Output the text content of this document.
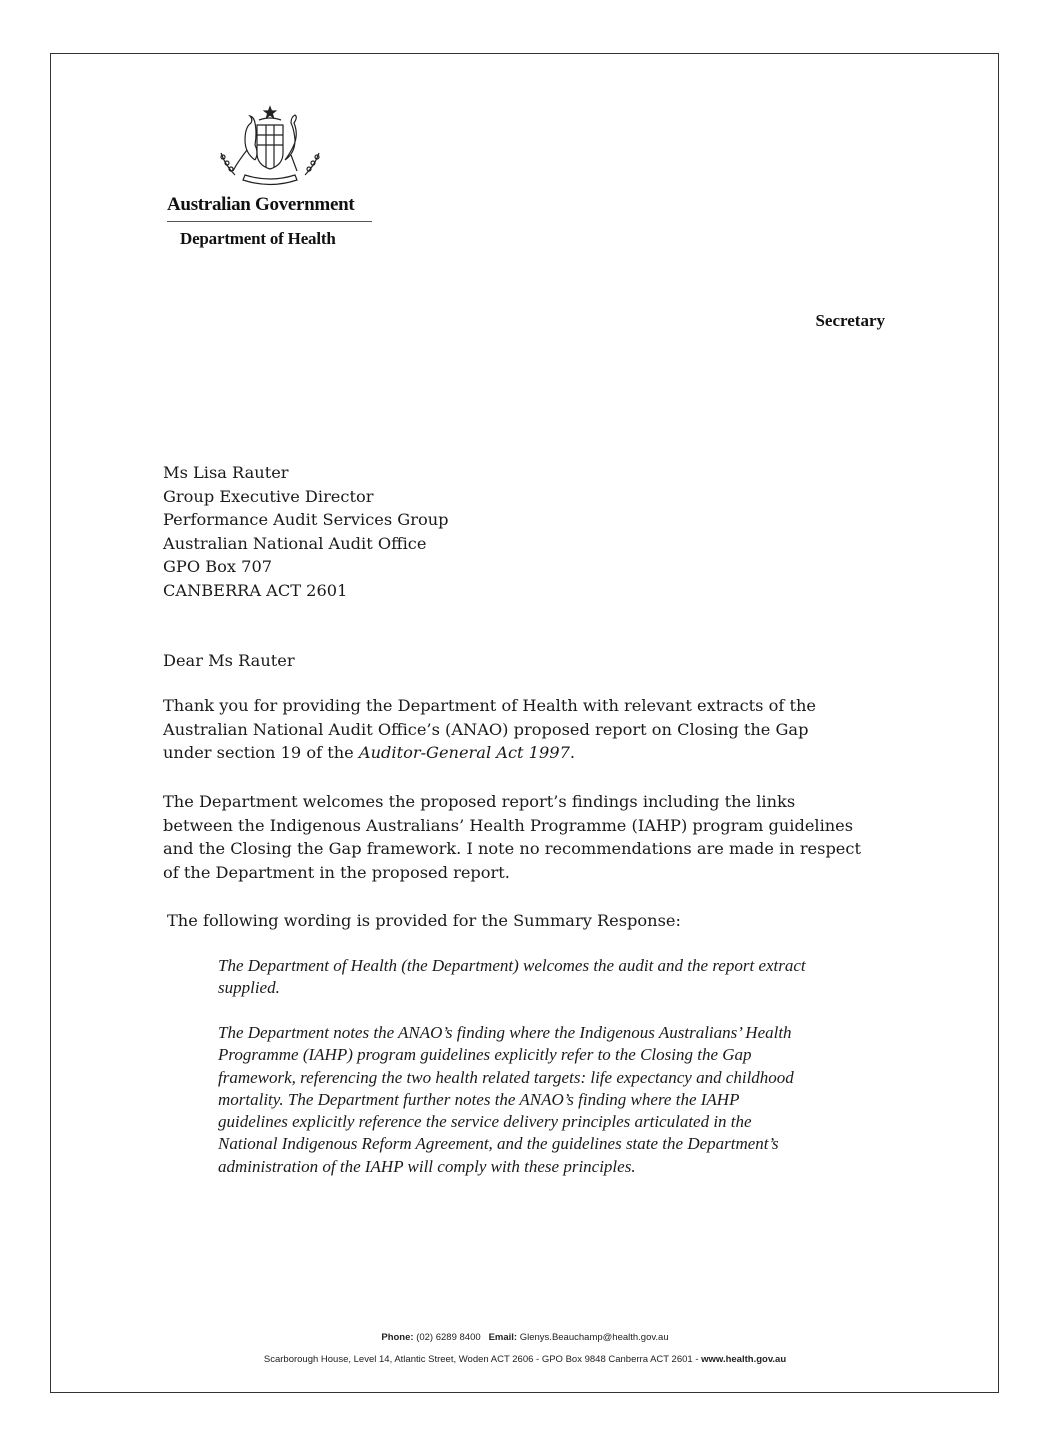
Australian Government
Department of Health
Secretary
Ms Lisa Rauter
Group Executive Director
Performance Audit Services Group
Australian National Audit Office
GPO Box 707
CANBERRA ACT 2601
Dear Ms Rauter
Thank you for providing the Department of Health with relevant extracts of the
Australian National Audit Office’s (ANAO) proposed report on Closing the Gap
under section 19 of the Auditor-General Act 1997.
The Department welcomes the proposed report’s findings including the links
between the Indigenous Australians’ Health Programme (IAHP) program guidelines
and the Closing the Gap framework. I note no recommendations are made in respect
of the Department in the proposed report.
The following wording is provided for the Summary Response:
The Department of Health (the Department) welcomes the audit and the report extract
supplied.
The Department notes the ANAO’s finding where the Indigenous Australians’ Health
Programme (IAHP) program guidelines explicitly refer to the Closing the Gap
framework, referencing the two health related targets: life expectancy and childhood
mortality. The Department further notes the ANAO’s finding where the IAHP
guidelines explicitly reference the service delivery principles articulated in the
National Indigenous Reform Agreement, and the guidelines state the Department’s
administration of the IAHP will comply with these principles.
Phone: (02) 6289 8400 Email: Glenys.Beauchamp@health.gov.au
Scarborough House, Level 14, Atlantic Street, Woden ACT 2606 - GPO Box 9848 Canberra ACT 2601 - www.health.gov.au
